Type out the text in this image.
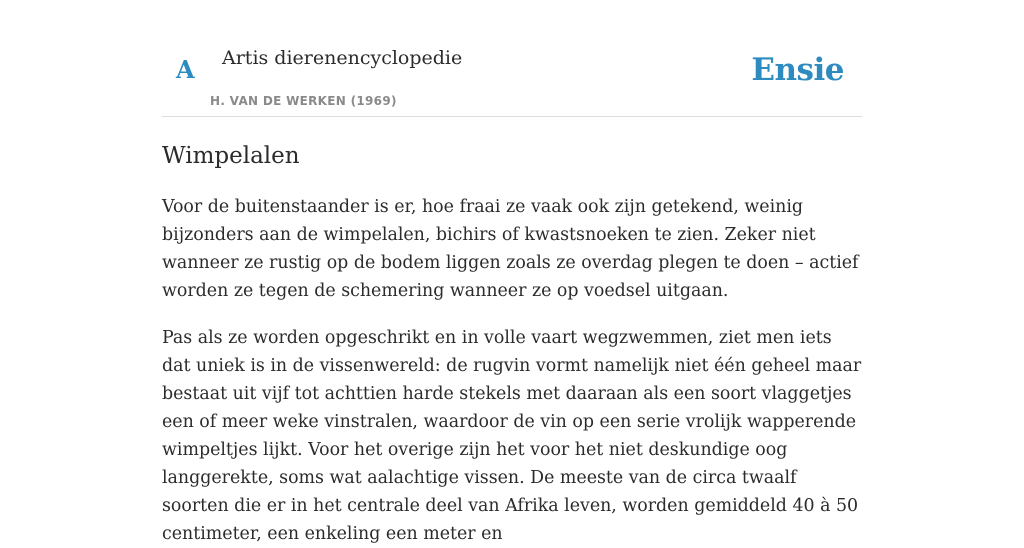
A Artis dierenencyclopedie
H. VAN DE WERKEN (1969)
Ensie
Wimpelalen

Voor de buitenstaander is er, hoe fraai ze vaak ook zijn getekend, weinig bijzonders aan de wimpelalen, bichirs of kwastsnoeken te zien. Zeker niet wanneer ze rustig op de bodem liggen zoals ze overdag plegen te doen – actief worden ze tegen de schemering wanneer ze op voedsel uitgaan.

Pas als ze worden opgeschrikt en in volle vaart wegzwemmen, ziet men iets dat uniek is in de vissenwereld: de rugvin vormt namelijk niet één geheel maar bestaat uit vijf tot achttien harde stekels met daaraan als een soort vlaggetjes een of meer weke vinstralen, waardoor de vin op een serie vrolijk wapperende wimpeltjes lijkt. Voor het overige zijn het voor het niet deskundige oog langgerekte, soms wat aalachtige vissen. De meeste van de circa twaalf soorten die er in het centrale deel van Afrika leven, worden gemiddeld 40 à 50 centimeter, een enkeling een meter en
